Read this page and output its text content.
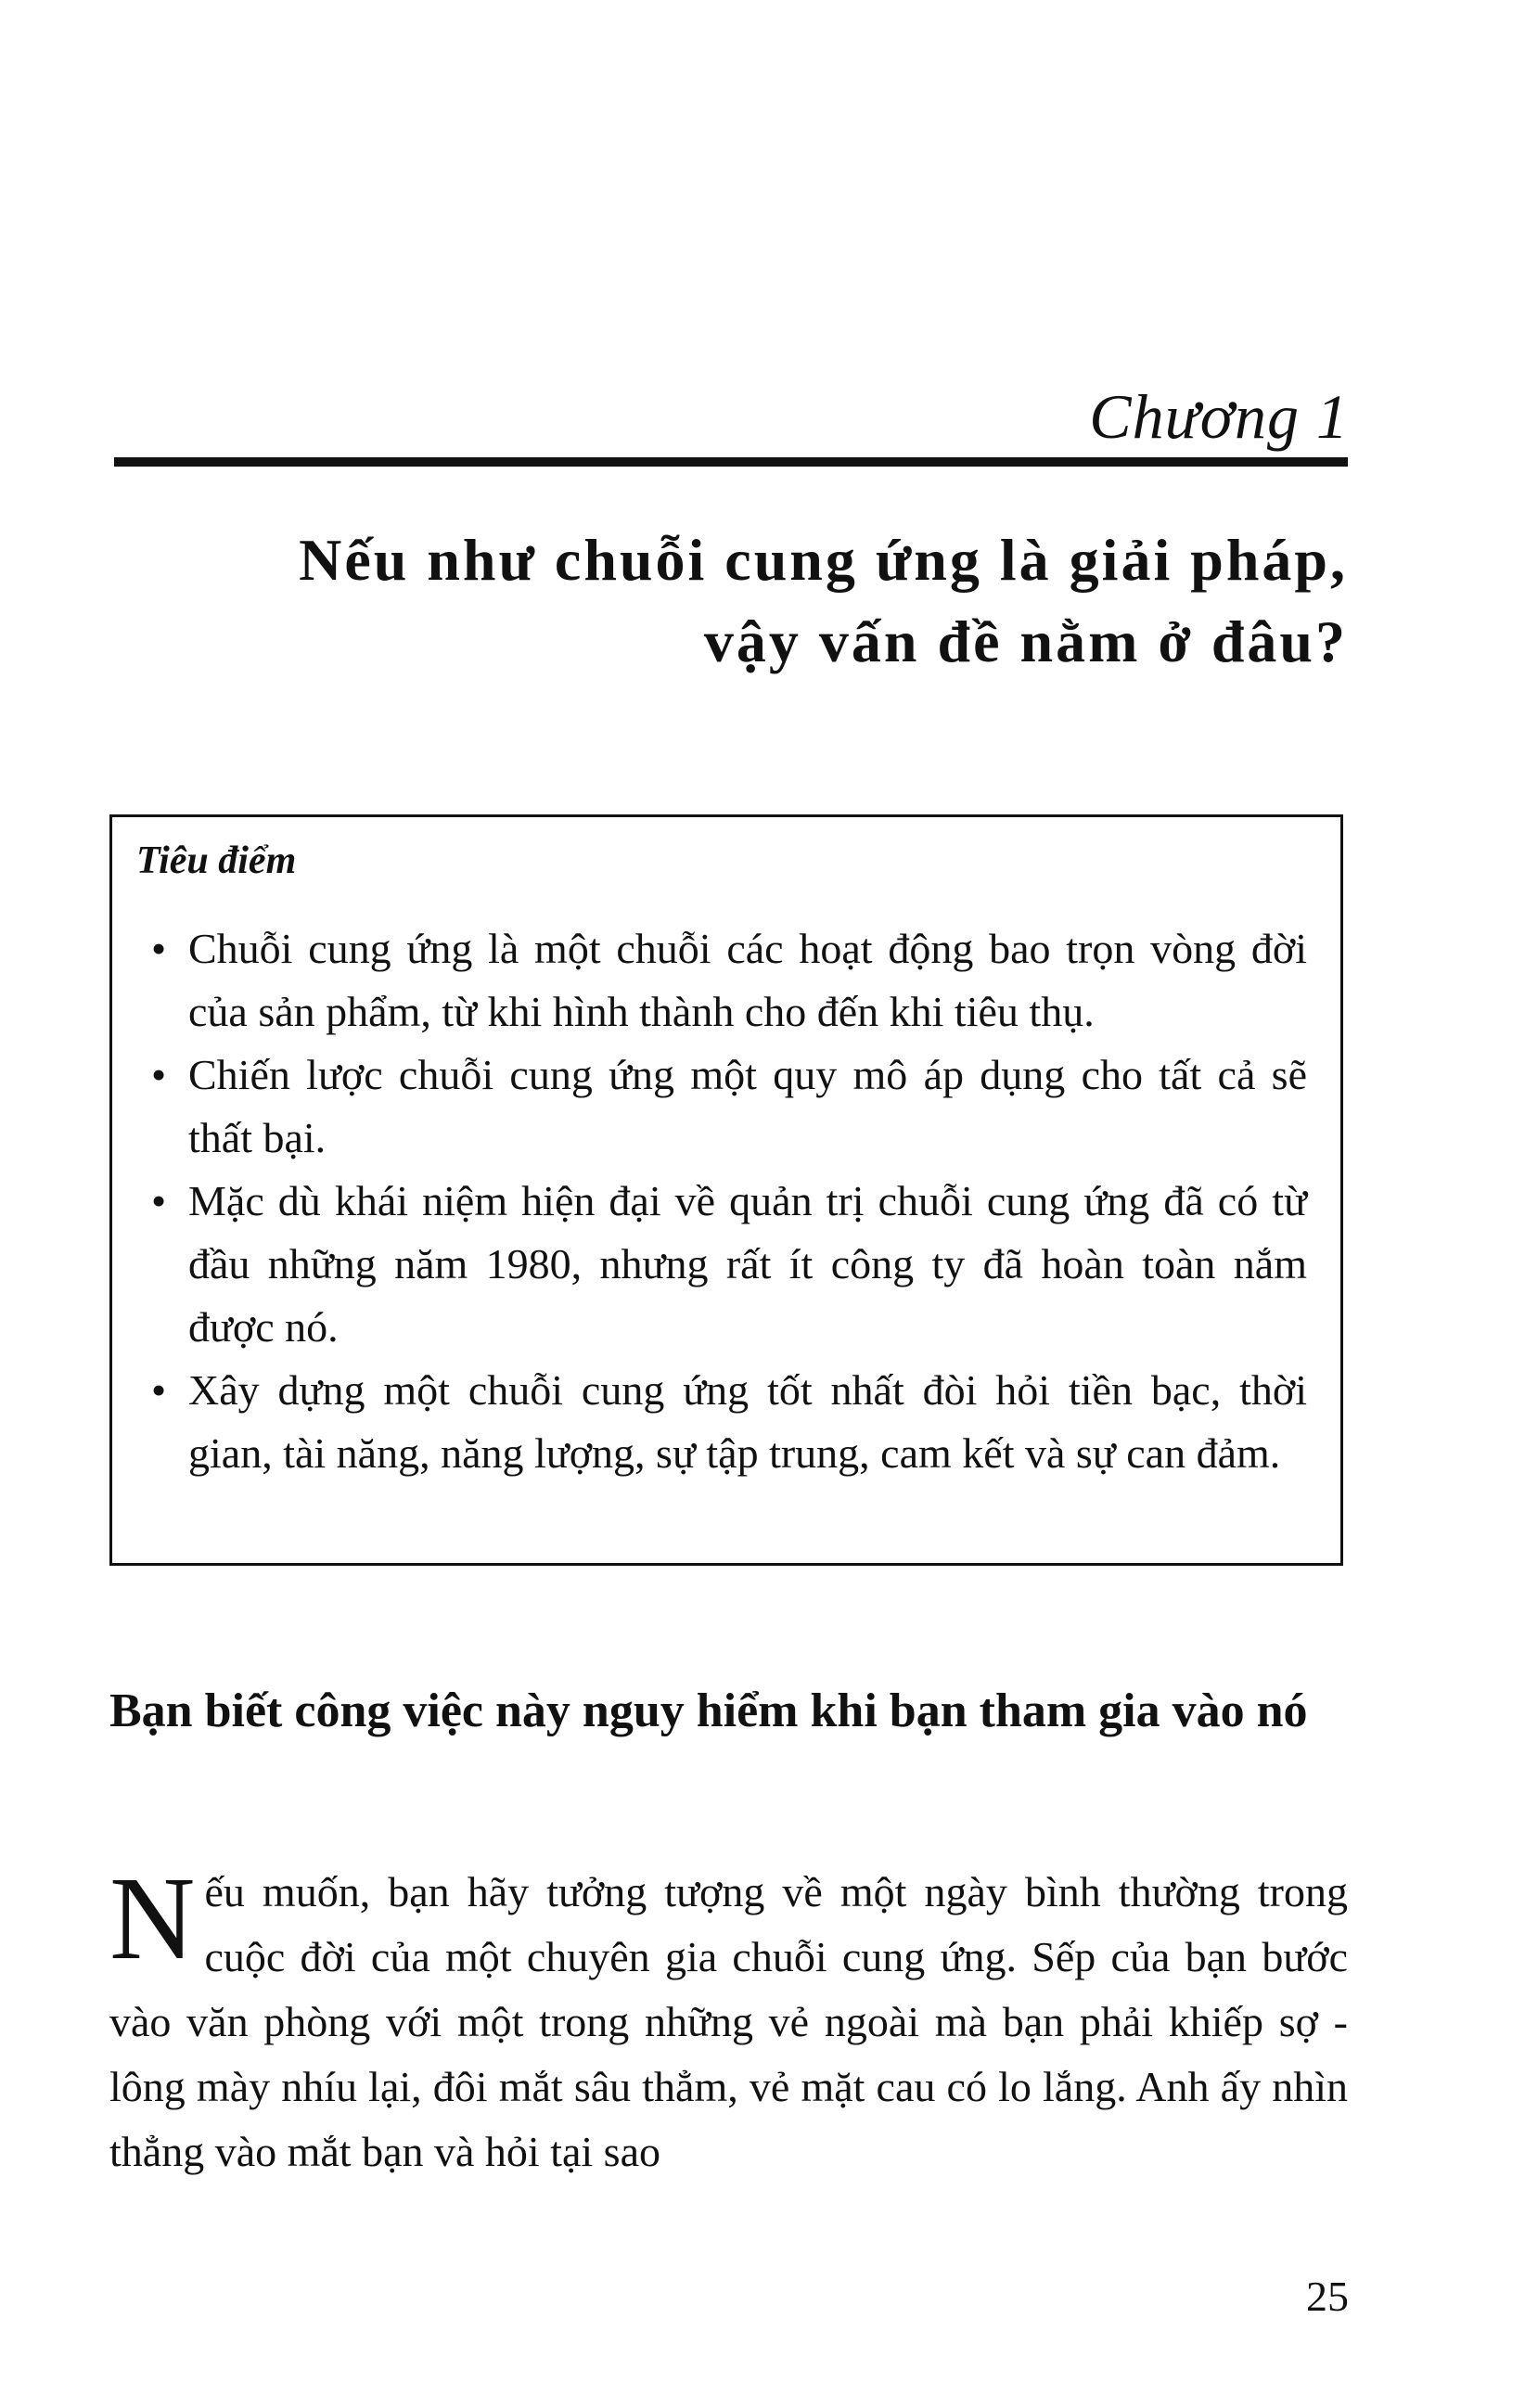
Chương 1
Nếu như chuỗi cung ứng là giải pháp,
vậy vấn đề nằm ở đâu?
Tiêu điểm
• Chuỗi cung ứng là một chuỗi các hoạt động bao trọn vòng đời của sản phẩm, từ khi hình thành cho đến khi tiêu thụ.
• Chiến lược chuỗi cung ứng một quy mô áp dụng cho tất cả sẽ thất bại.
• Mặc dù khái niệm hiện đại về quản trị chuỗi cung ứng đã có từ đầu những năm 1980, nhưng rất ít công ty đã hoàn toàn nắm được nó.
• Xây dựng một chuỗi cung ứng tốt nhất đòi hỏi tiền bạc, thời gian, tài năng, năng lượng, sự tập trung, cam kết và sự can đảm.
Bạn biết công việc này nguy hiểm khi bạn tham gia vào nó
N ếu muốn, bạn hãy tưởng tượng về một ngày bình thường trong cuộc đời của một chuyên gia chuỗi cung ứng. Sếp của bạn bước vào văn phòng với một trong những vẻ ngoài mà bạn phải khiếp sợ - lông mày nhíu lại, đôi mắt sâu thẳm, vẻ mặt cau có lo lắng. Anh ấy nhìn thẳng vào mắt bạn và hỏi tại sao
25
